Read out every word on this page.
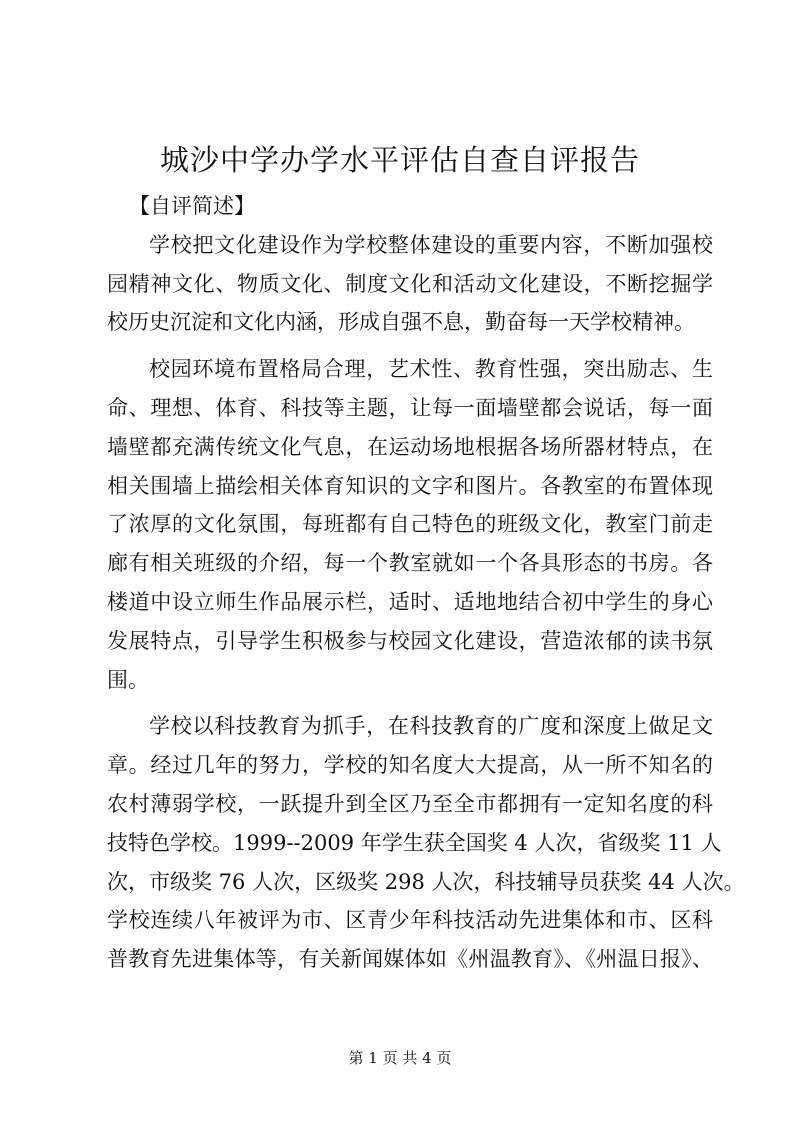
城沙中学办学水平评估自查自评报告
【自评简述】
学校把文化建设作为学校整体建设的重要内容，不断加强校
园精神文化、物质文化、制度文化和活动文化建设，不断挖掘学
校历史沉淀和文化内涵，形成自强不息，勤奋每一天学校精神。
校园环境布置格局合理，艺术性、教育性强，突出励志、生
命、理想、体育、科技等主题，让每一面墙壁都会说话，每一面
墙壁都充满传统文化气息，在运动场地根据各场所器材特点，在
相关围墙上描绘相关体育知识的文字和图片。各教室的布置体现
了浓厚的文化氛围，每班都有自己特色的班级文化，教室门前走
廊有相关班级的介绍，每一个教室就如一个各具形态的书房。各
楼道中设立师生作品展示栏，适时、适地地结合初中学生的身心
发展特点，引导学生积极参与校园文化建设，营造浓郁的读书氛
围。
学校以科技教育为抓手，在科技教育的广度和深度上做足文
章。经过几年的努力，学校的知名度大大提高，从一所不知名的
农村薄弱学校，一跃提升到全区乃至全市都拥有一定知名度的科
技特色学校。1999--2009 年学生获全国奖 4 人次，省级奖 11 人
次，市级奖 76 人次，区级奖 298 人次，科技辅导员获奖 44 人次。
学校连续八年被评为市、区青少年科技活动先进集体和市、区科
普教育先进集体等，有关新闻媒体如《州温教育》、《州温日报》、
第 1 页 共 4 页
